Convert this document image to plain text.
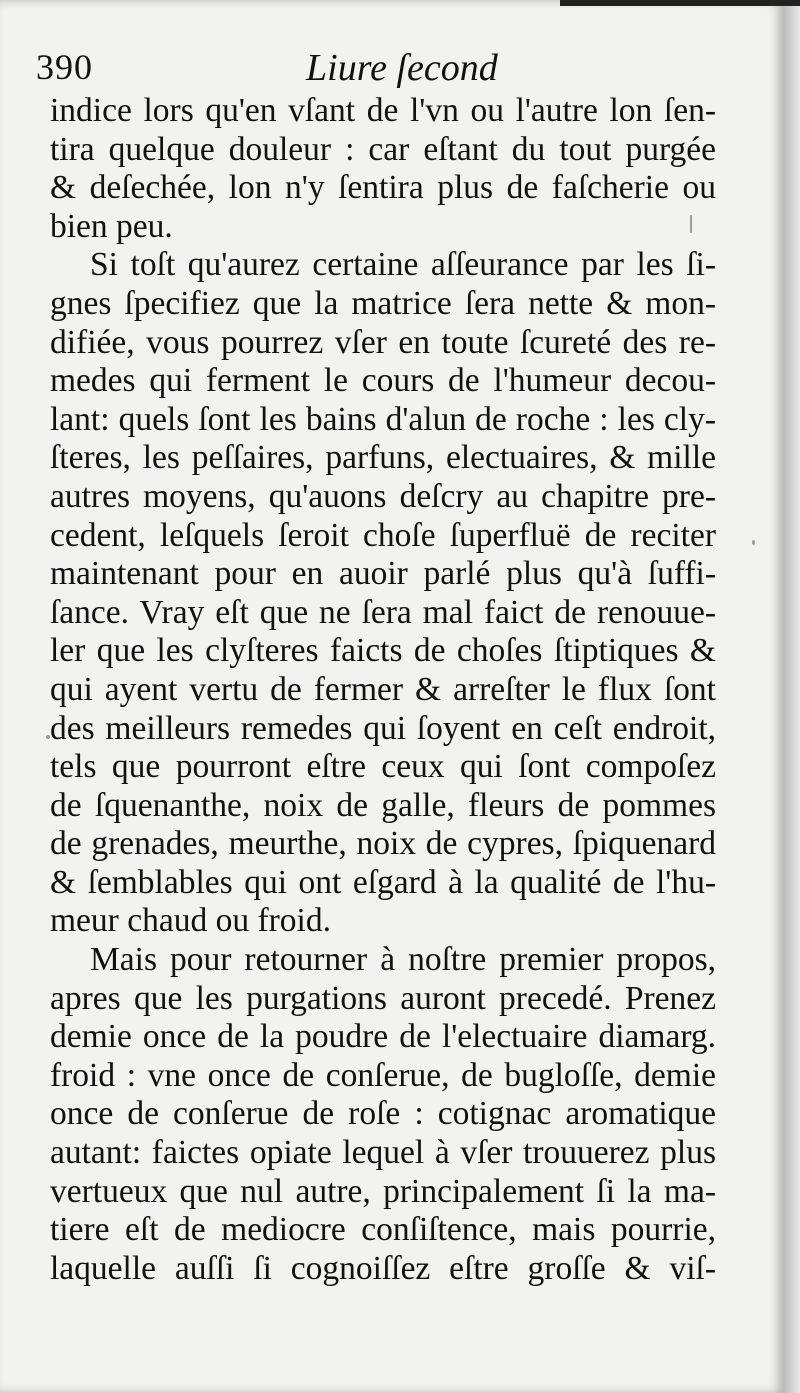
390	Liure ſecond
indice lors qu'en vſant de l'vn ou l'autre lon ſen-
tira quelque douleur : car eſtant du tout purgée
& deſechée, lon n'y ſentira plus de faſcherie ou
bien peu.
Si toſt qu'aurez certaine aſſeurance par les ſi-
gnes ſpecifiez que la matrice ſera nette & mon-
difiée, vous pourrez vſer en toute ſcureté des re-
medes qui ferment le cours de l'humeur decou-
lant: quels ſont les bains d'alun de roche : les cly-
ſteres, les peſſaires, parfuns, electuaires, & mille
autres moyens, qu'auons deſcry au chapitre pre-
cedent, leſquels ſeroit choſe ſuperfluë de reciter
maintenant pour en auoir parlé plus qu'à ſuffi-
ſance. Vray eſt que ne ſera mal faict de renouue-
ler que les clyſteres faicts de choſes ſtiptiques &
qui ayent vertu de fermer & arreſter le flux ſont
des meilleurs remedes qui ſoyent en ceſt endroit,
tels que pourront eſtre ceux qui ſont compoſez
de ſquenanthe, noix de galle, fleurs de pommes
de grenades, meurthe, noix de cypres, ſpiquenard
& ſemblables qui ont eſgard à la qualité de l'hu-
meur chaud ou froid.
Mais pour retourner à noſtre premier propos,
apres que les purgations auront precedé. Prenez
demie once de la poudre de l'electuaire diamarg.
froid : vne once de conſerue, de bugloſſe, demie
once de conſerue de roſe : cotignac aromatique
autant: faictes opiate lequel à vſer trouuerez plus
vertueux que nul autre, principalement ſi la ma-
tiere eſt de mediocre conſiſtence, mais pourrie,
laquelle auſſi ſi cognoiſſez eſtre groſſe & viſ-
